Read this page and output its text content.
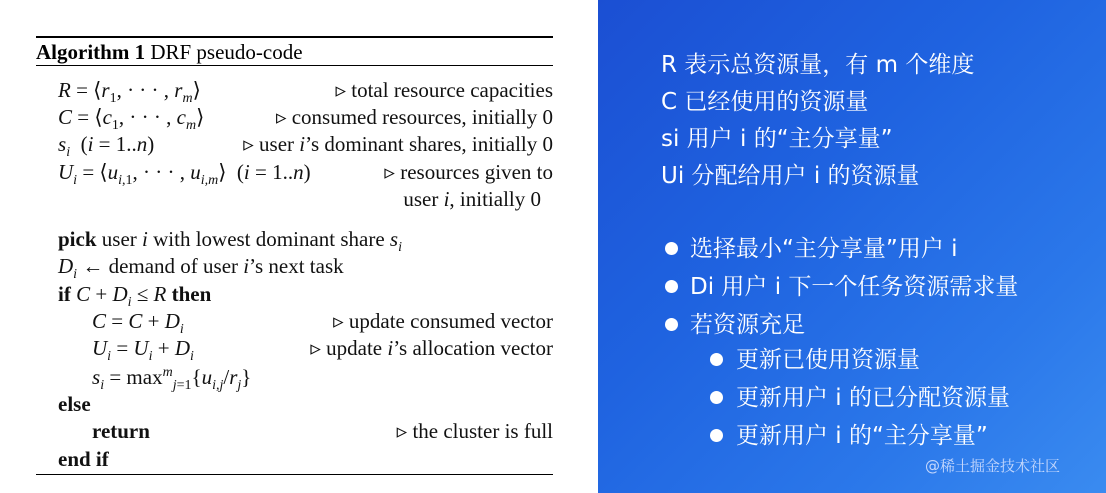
Algorithm 1 DRF pseudo-code
$R = ⟨r_1$, · · · , $r_m⟩$	▹ total resource capacities
$C = ⟨c_1$, · · · , $c_m⟩$	▹ consumed resources, initially 0
$s_i$  (i = 1..n)	▹ user i’s dominant shares, initially 0
$U_i$ = $⟨u_{i,1}$, · · · , $u_{i,m}⟩$  (i = 1..n)	▹ resources given to
user i, initially 0
pick user i with lowest dominant share $s_i$
$D_i$ ← demand of user i’s next task
if $C + D_i \le R$ then
$C = C + D_i$	▹ update consumed vector
$U_i = U_i + D_i$	▹ update i’s allocation vector
$s_i = \max^m_{j=1}\{u_{i,j}/r_j\}$
else
return	▹ the cluster is full
end if
R 表示总资源量，有 m 个维度
C 已经使用的资源量
si 用户 i 的“主分享量”
Ui 分配给用户 i 的资源量
选择最小“主分享量”用户 i
Di 用户 i 下一个任务资源需求量
若资源充足
更新已使用资源量
更新用户 i 的已分配资源量
更新用户 i 的“主分享量”
@稀土掘金技术社区
